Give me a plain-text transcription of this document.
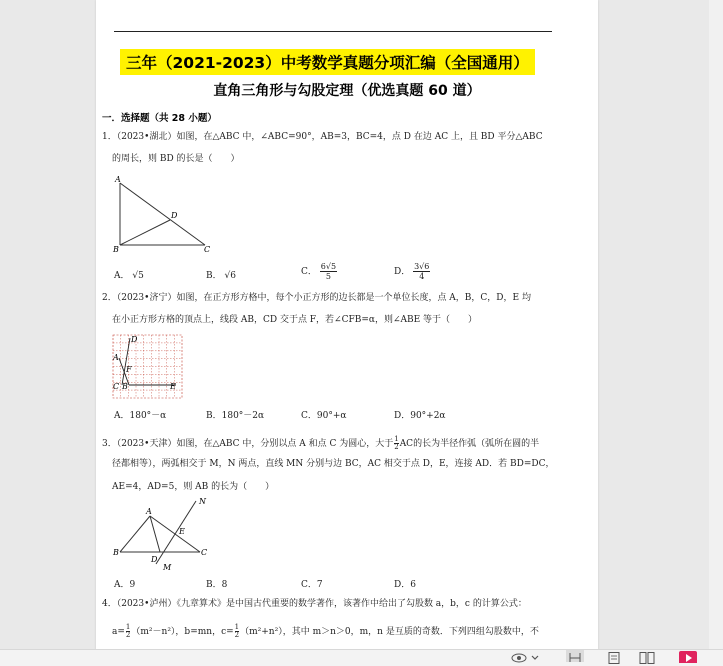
三年（2021-2023）中考数学真题分项汇编（全国通用）
直角三角形与勾股定理（优选真题 60 道）
一．选择题（共 28 小题）
1．（2023•湖北）如图，在△ABC 中，∠ABC=90°，AB=3，BC=4，点 D 在边 AC 上，且 BD 平分△ABC
的周长，则 BD 的长是（　　）
A
D
B	C
A． √5	B． √6	C． $\frac{6√5}{5}$	D． $\frac{3√6}{4}$
2．（2023•济宁）如图，在正方形方格中，每个小正方形的边长都是一个单位长度，点 A，B，C，D，E 均
在小正方形方格的顶点上，线段 AB，CD 交于点 F，若∠CFB=α，则∠ABE 等于（　　）
D
A
F
C B	E
A．180°－α	B．180°－2α	C．90°+α	D．90°+2α
3．（2023•天津）如图，在△ABC 中，分别以点 A 和点 C 为圆心，大于 $\frac{1}{2}$ AC的长为半径作弧（弧所在圆的半
径都相等），两弧相交于 M，N 两点，直线 MN 分别与边 BC，AC 相交于点 D，E，连接 AD．若 BD=DC，
AE=4，AD=5，则 AB 的长为（　　）
A
N
E
B
D
C
M
A．9	B．8	C．7	D．6
4．（2023•泸州）《九章算术》是中国古代重要的数学著作，该著作中给出了勾股数 a，b，c 的计算公式：
$a= \frac{1}{2} (m^2-n^2)$，b=mn，$c= \frac{1}{2} (m^2+n^2)$，其中 m＞n＞0，m，n 是互质的奇数．下列四组勾股数中，不
